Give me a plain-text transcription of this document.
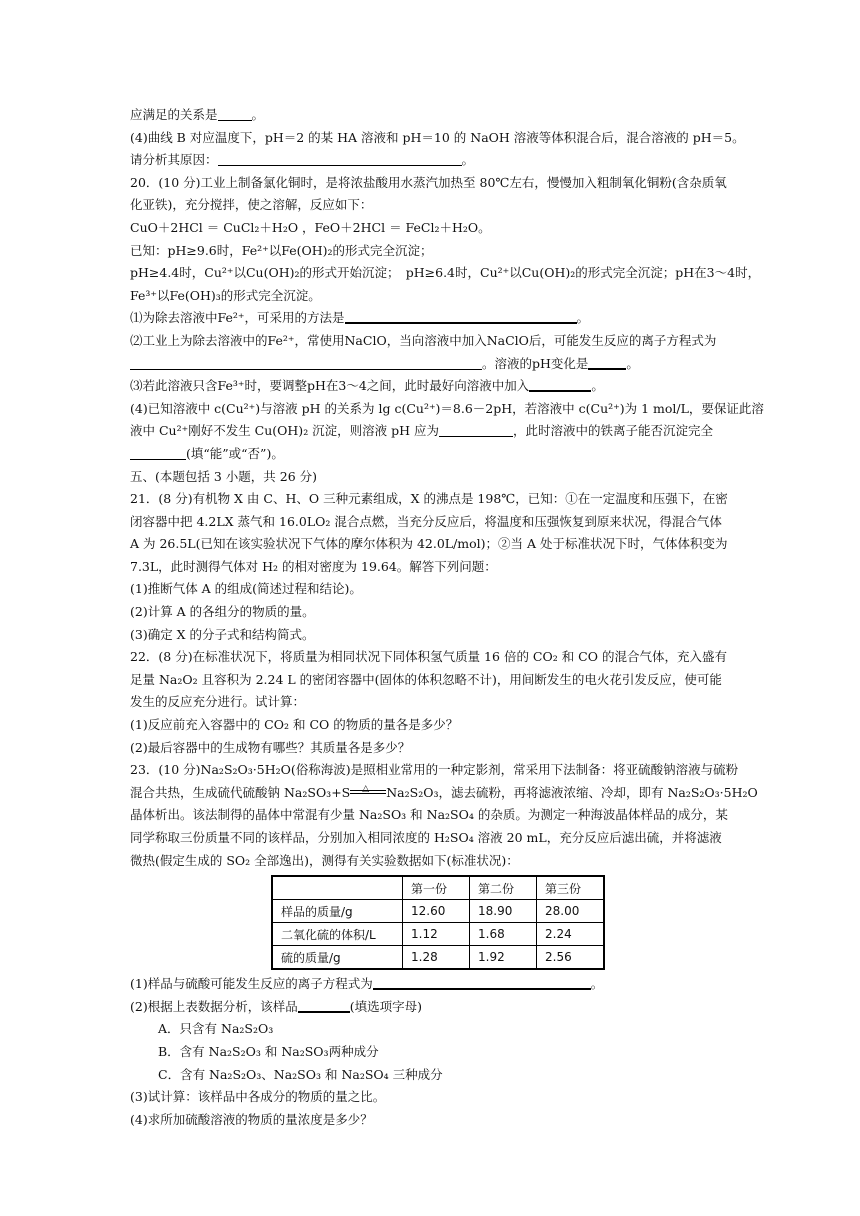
应满足的关系是	。
(4)曲线 B 对应温度下，pH＝2 的某 HA 溶液和 pH＝10 的 NaOH 溶液等体积混合后，混合溶液的 pH＝5。
请分析其原因：	。
20．(10 分)工业上制备氯化铜时，是将浓盐酸用水蒸汽加热至 80℃左右，慢慢加入粗制氧化铜粉(含杂质氧
化亚铁)，充分搅拌，使之溶解，反应如下：
CuO＋2HCl ＝ CuCl₂＋H₂O ，FeO＋2HCl ＝ FeCl₂＋H₂O。
已知：pH≥9.6时，Fe²⁺以Fe(OH)₂的形式完全沉淀；
pH≥4.4时，Cu²⁺以Cu(OH)₂的形式开始沉淀；　pH≥6.4时，Cu²⁺以Cu(OH)₂的形式完全沉淀；pH在3～4时，
Fe³⁺以Fe(OH)₃的形式完全沉淀。
⑴为除去溶液中Fe²⁺，可采用的方法是	。
⑵工业上为除去溶液中的Fe²⁺，常使用NaClO，当向溶液中加入NaClO后，可能发生反应的离子方程式为
。溶液的pH变化是	。
⑶若此溶液只含Fe³⁺时，要调整pH在3～4之间，此时最好向溶液中加入	。
(4)已知溶液中 c(Cu²⁺)与溶液 pH 的关系为 lg c(Cu²⁺)＝8.6－2pH，若溶液中 c(Cu²⁺)为 1 mol/L，要保证此溶
液中 Cu²⁺刚好不发生 Cu(OH)₂ 沉淀，则溶液 pH 应为	，此时溶液中的铁离子能否沉淀完全
(填“能”或“否”)。
五、(本题包括 3 小题，共 26 分)
21．(8 分)有机物 X 由 C、H、O 三种元素组成，X 的沸点是 198℃，已知：①在一定温度和压强下，在密
闭容器中把 4.2LX 蒸气和 16.0LO₂ 混合点燃，当充分反应后，将温度和压强恢复到原来状况，得混合气体
A 为 26.5L(已知在该实验状况下气体的摩尔体积为 42.0L/mol)；②当 A 处于标准状况下时，气体体积变为
7.3L，此时测得气体对 H₂ 的相对密度为 19.64。解答下列问题：
(1)推断气体 A 的组成(简述过程和结论)。
(2)计算 A 的各组分的物质的量。
(3)确定 X 的分子式和结构简式。
22．(8 分)在标准状况下，将质量为相同状况下同体积氢气质量 16 倍的 CO₂ 和 CO 的混合气体，充入盛有
足量 Na₂O₂ 且容积为 2.24 L 的密闭容器中(固体的体积忽略不计)，用间断发生的电火花引发反应，使可能
发生的反应充分进行。试计算：
(1)反应前充入容器中的 CO₂ 和 CO 的物质的量各是多少？
(2)最后容器中的生成物有哪些？其质量各是多少？
23．(10 分)Na₂S₂O₃·5H₂O(俗称海波)是照相业常用的一种定影剂，常采用下法制备：将亚硫酸钠溶液与硫粉
混合共热，生成硫代硫酸钠 Na₂SO₃+S △ Na₂S₂O₃，滤去硫粉，再将滤液浓缩、冷却，即有 Na₂S₂O₃·5H₂O
晶体析出。该法制得的晶体中常混有少量 Na₂SO₃ 和 Na₂SO₄ 的杂质。为测定一种海波晶体样品的成分，某
同学称取三份质量不同的该样品，分别加入相同浓度的 H₂SO₄ 溶液 20 mL，充分反应后滤出硫，并将滤液
微热(假定生成的 SO₂ 全部逸出)，测得有关实验数据如下(标准状况)：
	第一份	第二份	第三份
样品的质量/g	12.60	18.90	28.00
二氧化硫的体积/L	1.12	1.68	2.24
硫的质量/g	1.28	1.92	2.56
(1)样品与硫酸可能发生反应的离子方程式为	。
(2)根据上表数据分析，该样品	(填选项字母)
A．只含有 Na₂S₂O₃
B．含有 Na₂S₂O₃ 和 Na₂SO₃两种成分
C．含有 Na₂S₂O₃、Na₂SO₃ 和 Na₂SO₄ 三种成分
(3)试计算：该样品中各成分的物质的量之比。
(4)求所加硫酸溶液的物质的量浓度是多少？
